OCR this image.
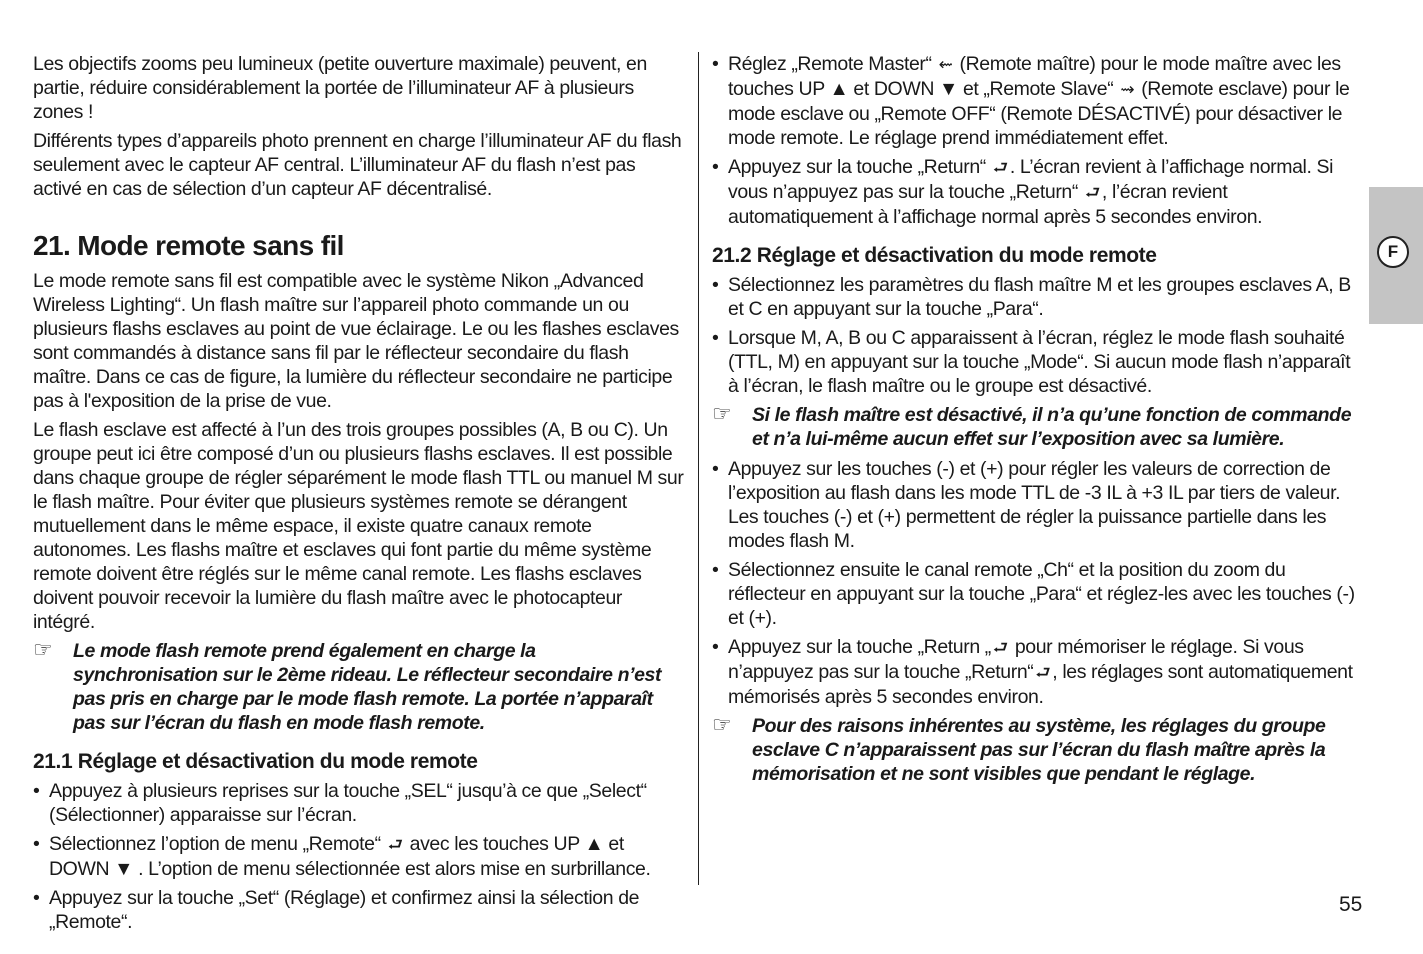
Les objectifs zooms peu lumineux (petite ouverture maximale) peuvent, en partie, réduire considérablement la portée de l’illuminateur AF à plusieurs zones !

Différents types d’appareils photo prennent en charge l’illuminateur AF du flash seulement avec le capteur AF central. L’illuminateur AF du flash n’est pas activé en cas de sélection d’un capteur AF décentralisé.

21. Mode remote sans fil

Le mode remote sans fil est compatible avec le système Nikon „Advanced Wireless Lighting“. Un flash maître sur l’appareil photo commande un ou plusieurs flashs esclaves au point de vue éclairage. Le ou les flashes esclaves sont commandés à distance sans fil par le réflecteur secondaire du flash maître. Dans ce cas de figure, la lumière du réflecteur secondaire ne participe pas à l'exposition de la prise de vue.

Le flash esclave est affecté à l’un des trois groupes possibles (A, B ou C). Un groupe peut ici être composé d’un ou plusieurs flashs esclaves. Il est possible dans chaque groupe de régler séparément le mode flash TTL ou manuel M sur le flash maître. Pour éviter que plusieurs systèmes remote se dérangent mutuellement dans le même espace, il existe quatre canaux remote autonomes. Les flashs maître et esclaves qui font partie du même système remote doivent être réglés sur le même canal remote. Les flashs esclaves doivent pouvoir recevoir la lumière du flash maître avec le photocapteur intégré.

☞ Le mode flash remote prend également en charge la synchronisation sur le 2ème rideau. Le réflecteur secondaire n’est pas pris en charge par le mode flash remote. La portée n’apparaît pas sur l’écran du flash en mode flash remote.
21.1 Réglage et désactivation du mode remote
• Appuyez à plusieurs reprises sur la touche „SEL“ jusqu’à ce que „Select“ (Sélectionner) apparaisse sur l’écran.
• Sélectionnez l’option de menu „Remote“ ⮐ avec les touches UP ▲ et DOWN ▼ . L’option de menu sélectionnée est alors mise en surbrillance.
• Appuyez sur la touche „Set“ (Réglage) et confirmez ainsi la sélection de „Remote“.
• Réglez „Remote Master“ ⇜ (Remote maître) pour le mode maître avec les touches UP ▲ et DOWN ▼ et „Remote Slave“ ⇝ (Remote esclave) pour le mode esclave ou „Remote OFF“ (Remote DÉSACTIVÉ) pour désactiver le mode remote. Le réglage prend immédiatement effet.
• Appuyez sur la touche „Return“ ⮐ . L’écran revient à l’affichage normal. Si vous n’appuyez pas sur la touche „Return“ ⮐ , l’écran revient automatiquement à l’affichage normal après 5 secondes environ.
21.2 Réglage et désactivation du mode remote
• Sélectionnez les paramètres du flash maître M et les groupes esclaves A, B et C en appuyant sur la touche „Para“.
• Lorsque M, A, B ou C apparaissent à l’écran, réglez le mode flash souhaité (TTL, M) en appuyant sur la touche „Mode“. Si aucun mode flash n’apparaît à l’écran, le flash maître ou le groupe est désactivé.
☞ Si le flash maître est désactivé, il n’a qu’une fonction de commande et n’a lui-même aucun effet sur l’exposition avec sa lumière.
• Appuyez sur les touches (-) et (+) pour régler les valeurs de correction de l’exposition au flash dans les mode TTL de -3 IL à +3 IL par tiers de valeur. Les touches (-) et (+) permettent de régler la puissance partielle dans les modes flash M.
• Sélectionnez ensuite le canal remote „Ch“ et la position du zoom du réflecteur en appuyant sur la touche „Para“ et réglez-les avec les touches (-) et (+).
• Appuyez sur la touche „Return „ ⮐ pour mémoriser le réglage. Si vous n’appuyez pas sur la touche „Return“ ⮐ , les réglages sont automatiquement mémorisés après 5 secondes environ.
☞ Pour des raisons inhérentes au système, les réglages du groupe esclave C n’apparaissent pas sur l’écran du flash maître après la mémorisation et ne sont visibles que pendant le réglage.
F
55
